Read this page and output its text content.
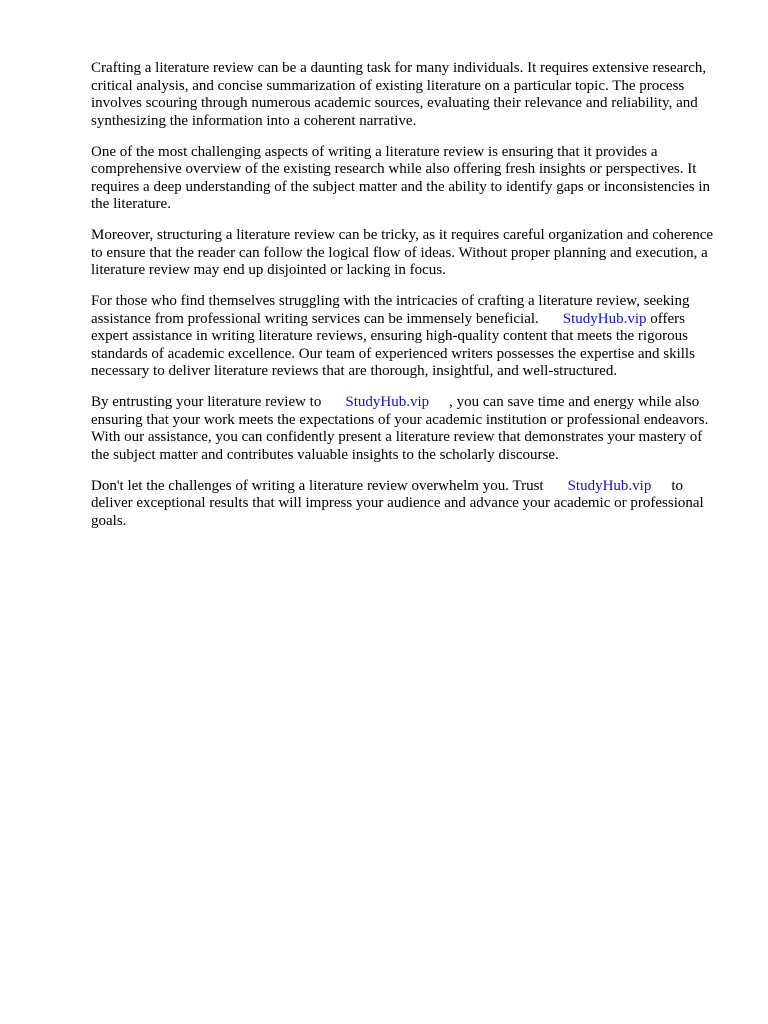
Crafting a literature review can be a daunting task for many individuals. It requires extensive research, critical analysis, and concise summarization of existing literature on a particular topic. The process involves scouring through numerous academic sources, evaluating their relevance and reliability, and synthesizing the information into a coherent narrative.

One of the most challenging aspects of writing a literature review is ensuring that it provides a comprehensive overview of the existing research while also offering fresh insights or perspectives. It requires a deep understanding of the subject matter and the ability to identify gaps or inconsistencies in the literature.

Moreover, structuring a literature review can be tricky, as it requires careful organization and coherence to ensure that the reader can follow the logical flow of ideas. Without proper planning and execution, a literature review may end up disjointed or lacking in focus.

For those who find themselves struggling with the intricacies of crafting a literature review, seeking assistance from professional writing services can be immensely beneficial. StudyHub.vip offers expert assistance in writing literature reviews, ensuring high-quality content that meets the rigorous standards of academic excellence. Our team of experienced writers possesses the expertise and skills necessary to deliver literature reviews that are thorough, insightful, and well-structured.

By entrusting your literature review to StudyHub.vip , you can save time and energy while also ensuring that your work meets the expectations of your academic institution or professional endeavors. With our assistance, you can confidently present a literature review that demonstrates your mastery of the subject matter and contributes valuable insights to the scholarly discourse.

Don't let the challenges of writing a literature review overwhelm you. Trust StudyHub.vip to deliver exceptional results that will impress your audience and advance your academic or professional goals.
